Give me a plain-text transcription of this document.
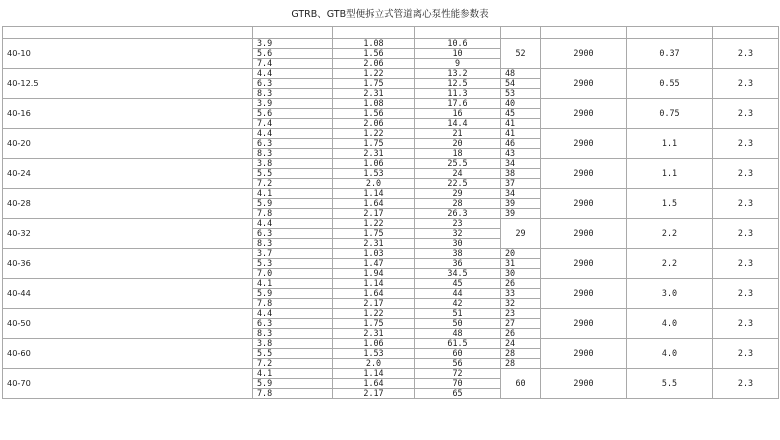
GTRB、GTB型便拆立式管道离心泵性能参数表

40-10	3.9	1.08	10.6	52	2900	0.37	2.3
	5.6	1.56	10				
	7.4	2.06	9				
40-12.5	4.4	1.22	13.2	48	2900	0.55	2.3
	6.3	1.75	12.5	54			
	8.3	2.31	11.3	53			
40-16	3.9	1.08	17.6	40	2900	0.75	2.3
	5.6	1.56	16	45			
	7.4	2.06	14.4	41			
40-20	4.4	1.22	21	41	2900	1.1	2.3
	6.3	1.75	20	46			
	8.3	2.31	18	43			
40-24	3.8	1.06	25.5	34	2900	1.1	2.3
	5.5	1.53	24	38			
	7.2	2.0	22.5	37			
40-28	4.1	1.14	29	34	2900	1.5	2.3
	5.9	1.64	28	39			
	7.8	2.17	26.3	39			
40-32	4.4	1.22	23	29	2900	2.2	2.3
	6.3	1.75	32				
	8.3	2.31	30				
40-36	3.7	1.03	38	20	2900	2.2	2.3
	5.3	1.47	36	31			
	7.0	1.94	34.5	30			
40-44	4.1	1.14	45	26	2900	3.0	2.3
	5.9	1.64	44	33			
	7.8	2.17	42	32			
40-50	4.4	1.22	51	23	2900	4.0	2.3
	6.3	1.75	50	27			
	8.3	2.31	48	26			
40-60	3.8	1.06	61.5	24	2900	4.0	2.3
	5.5	1.53	60	28			
	7.2	2.0	56	28			
40-70	4.1	1.14	72	60	2900	5.5	2.3
	5.9	1.64	70				
	7.8	2.17	65				
